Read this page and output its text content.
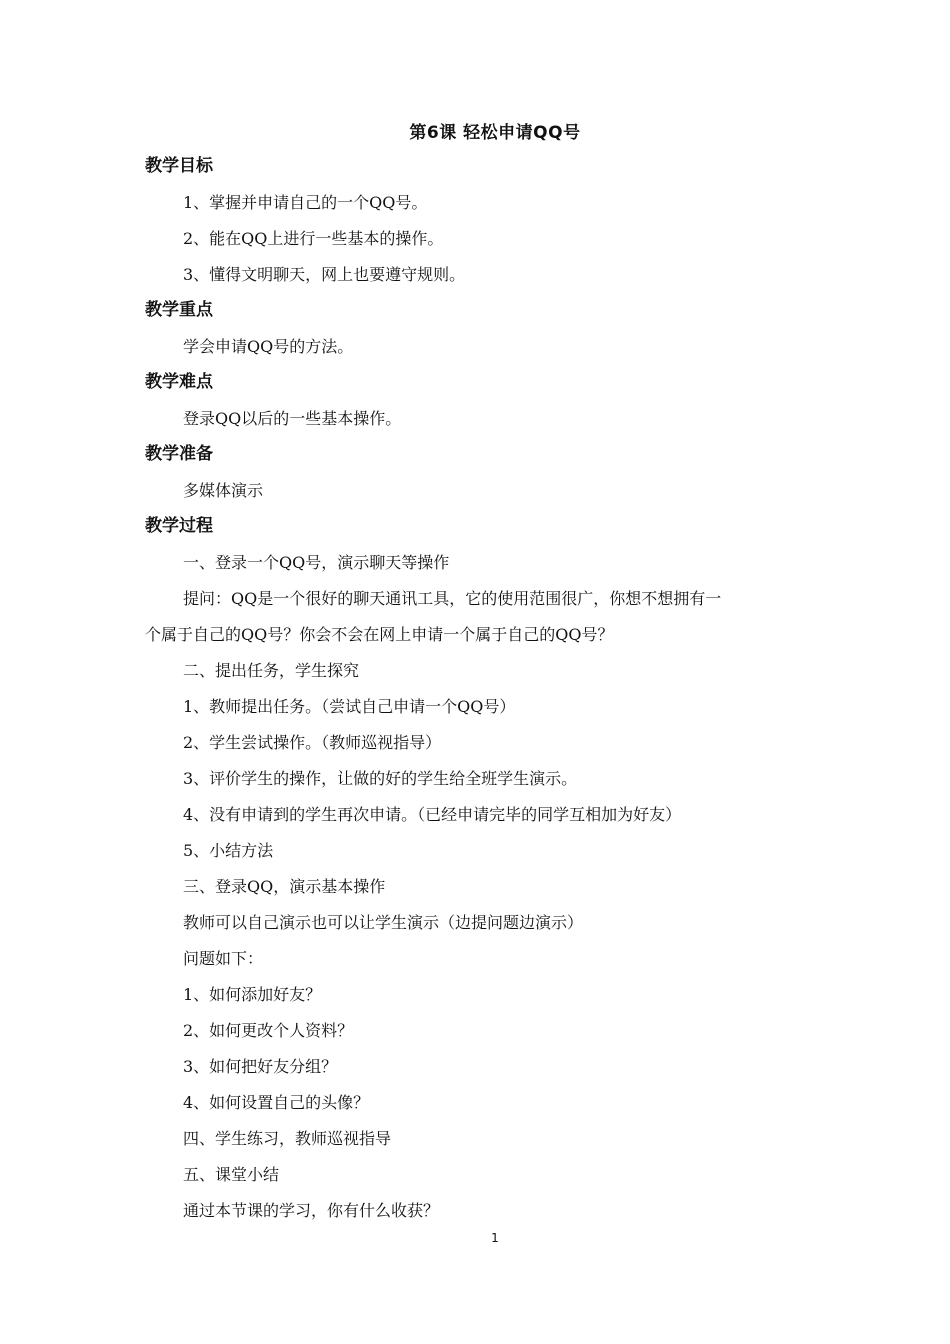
第6课 轻松申请QQ号
教学目标
1、掌握并申请自己的一个QQ号。
2、能在QQ上进行一些基本的操作。
3、懂得文明聊天，网上也要遵守规则。
教学重点
学会申请QQ号的方法。
教学难点
登录QQ以后的一些基本操作。
教学准备
多媒体演示
教学过程
一、登录一个QQ号，演示聊天等操作
提问：QQ是一个很好的聊天通讯工具，它的使用范围很广，你想不想拥有一
个属于自己的QQ号？你会不会在网上申请一个属于自己的QQ号？
二、提出任务，学生探究
1、教师提出任务。（尝试自己申请一个QQ号）
2、学生尝试操作。（教师巡视指导）
3、评价学生的操作，让做的好的学生给全班学生演示。
4、没有申请到的学生再次申请。（已经申请完毕的同学互相加为好友）
5、小结方法
三、登录QQ，演示基本操作
教师可以自己演示也可以让学生演示（边提问题边演示）
问题如下：
1、如何添加好友？
2、如何更改个人资料？
3、如何把好友分组？
4、如何设置自己的头像？
四、学生练习，教师巡视指导
五、课堂小结
通过本节课的学习，你有什么收获？
1
